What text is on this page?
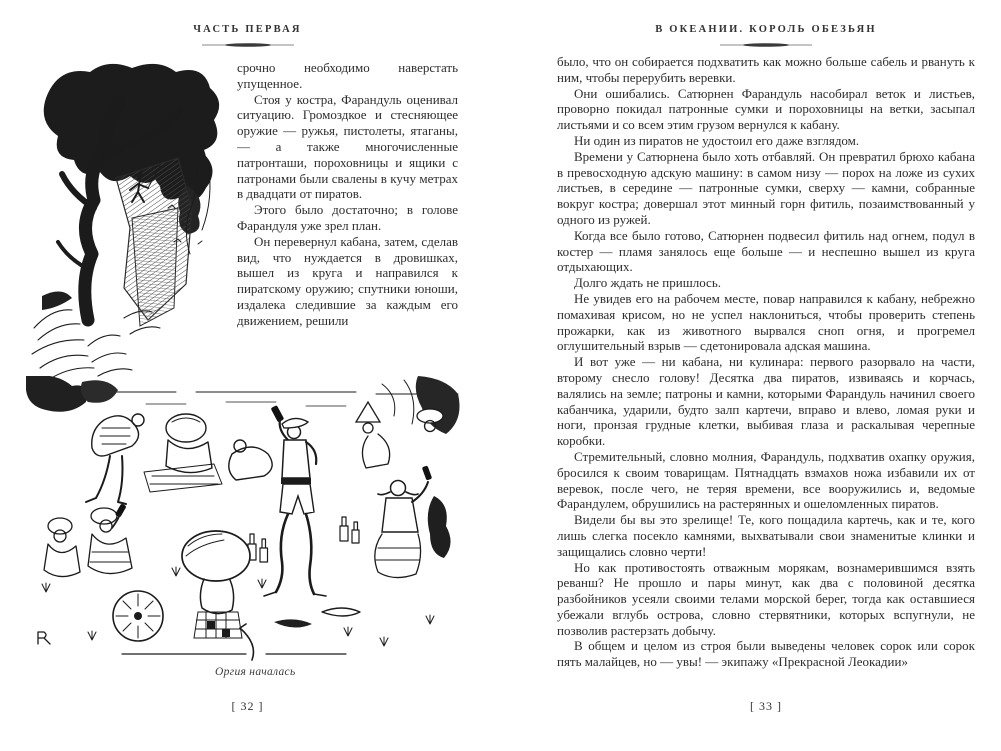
ЧАСТЬ ПЕРВАЯ

срочно необходимо наверстать упущенное.

Стоя у костра, Фарандуль оценивал ситуацию. Громоздкое и стесняющее оружие — ружья, пистолеты, ятаганы, — а также многочисленные патронташи, пороховницы и ящики с патронами были свалены в кучу метрах в двадцати от пиратов.

Этого было достаточно; в голове Фарандуля уже зрел план.

Он перевернул кабана, затем, сделав вид, что нуждается в дровишках, вышел из круга и направился к пиратскому оружию; спутники юноши, издалека следившие за каждым его движением, решили

Оргия началась
[ 32 ]
В ОКЕАНИИ. КОРОЛЬ ОБЕЗЬЯН

было, что он собирается подхватить как можно больше сабель и рвануть к ним, чтобы перерубить веревки.

Они ошибались. Сатюрнен Фарандуль насобирал веток и листьев, проворно покидал патронные сумки и пороховницы на ветки, засыпал листьями и со всем этим грузом вернулся к кабану.

Ни один из пиратов не удостоил его даже взглядом.

Времени у Сатюрнена было хоть отбавляй. Он превратил брюхо кабана в превосходную адскую машину: в самом низу — порох на ложе из сухих листьев, в середине — патронные сумки, сверху — камни, собранные вокруг костра; довершал этот минный горн фитиль, позаимствованный у одного из ружей.

Когда все было готово, Сатюрнен подвесил фитиль над огнем, подул в костер — пламя занялось еще больше — и неспешно вышел из круга отдыхающих.

Долго ждать не пришлось.

Не увидев его на рабочем месте, повар направился к кабану, небрежно помахивая крисом, но не успел наклониться, чтобы проверить степень прожарки, как из животного вырвался сноп огня, и прогремел оглушительный взрыв — сдетонировала адская машина.

И вот уже — ни кабана, ни кулинара: первого разорвало на части, второму снесло голову! Десятка два пиратов, извиваясь и корчась, валялись на земле; патроны и камни, которыми Фарандуль начинил своего кабанчика, ударили, будто залп картечи, вправо и влево, ломая руки и ноги, пронзая грудные клетки, выбивая глаза и раскалывая черепные коробки.

Стремительный, словно молния, Фарандуль, подхватив охапку оружия, бросился к своим товарищам. Пятнадцать взмахов ножа избавили их от веревок, после чего, не теряя времени, все вооружились и, ведомые Фарандулем, обрушились на растерянных и ошеломленных пиратов.

Видели бы вы это зрелище! Те, кого пощадила картечь, как и те, кого лишь слегка посекло камнями, выхватывали свои знаменитые клинки и защищались словно черти!

Но как противостоять отважным морякам, вознамерившимся взять реванш? Не прошло и пары минут, как два с половиной десятка разбойников усеяли своими телами морской берег, тогда как оставшиеся убежали вглубь острова, словно стервятники, которых вспугнули, не позволив растерзать добычу.

В общем и целом из строя были выведены человек сорок или сорок пять малайцев, но — увы! — экипажу «Прекрасной Леокадии»

[ 33 ]
